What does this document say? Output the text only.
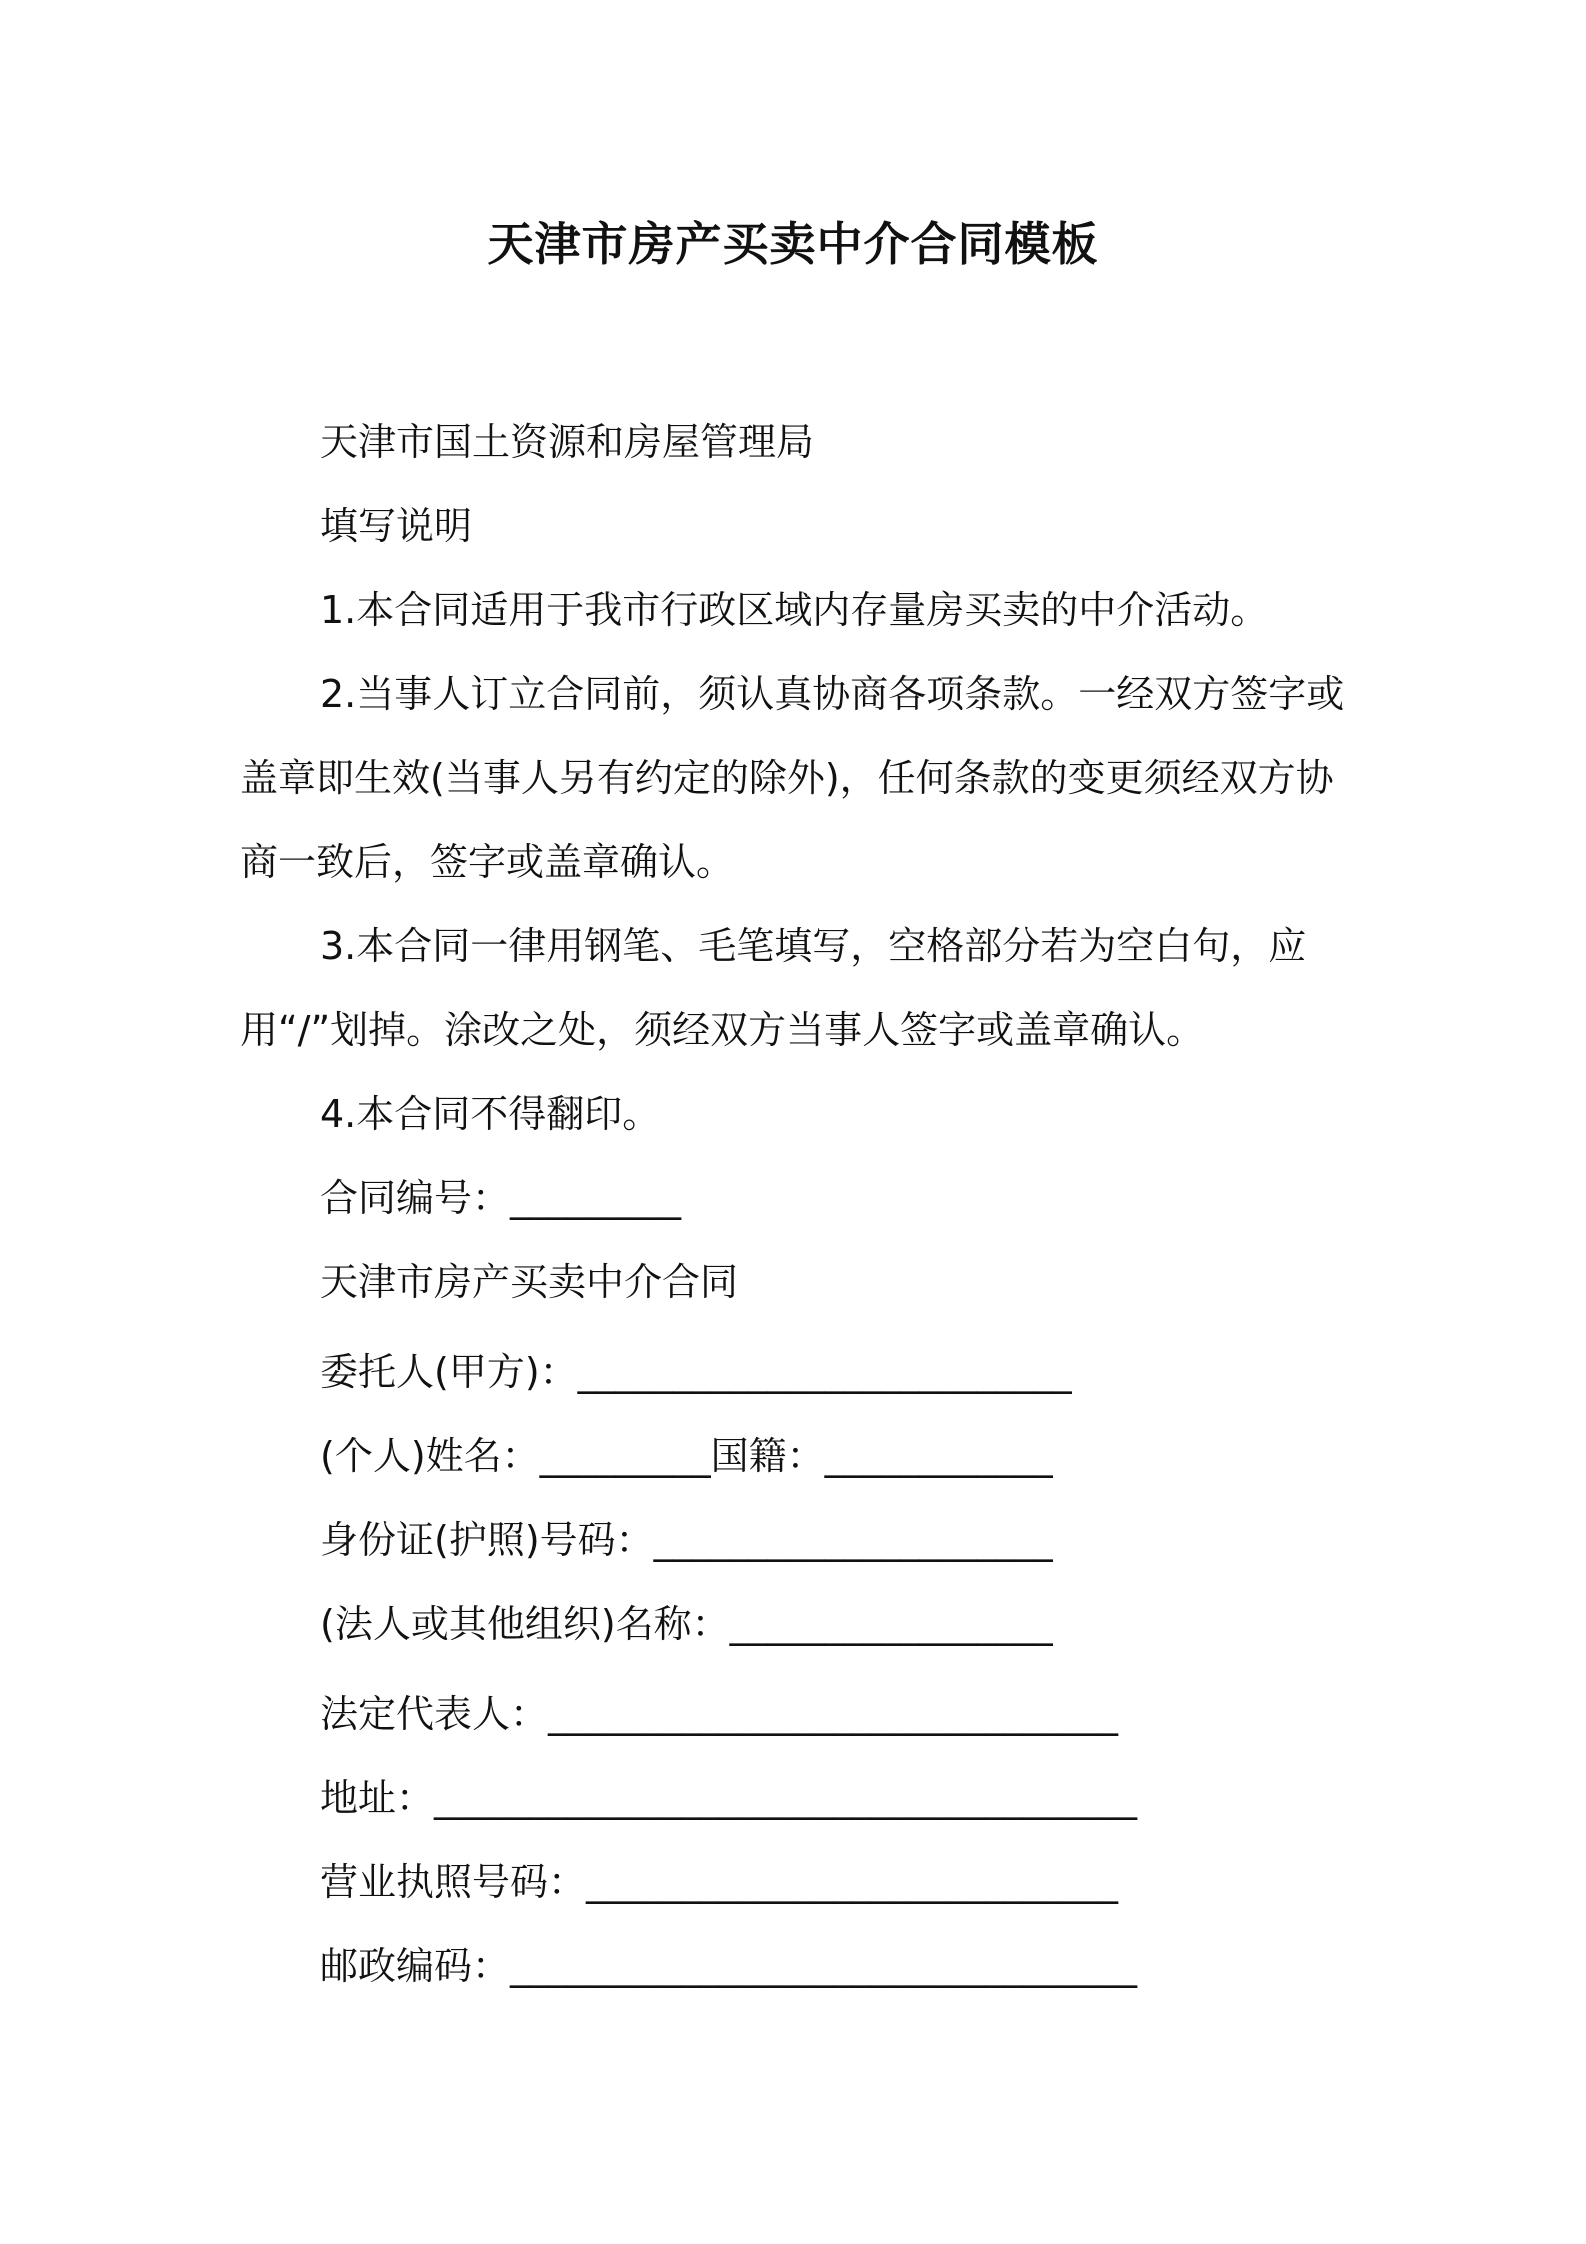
天津市房产买卖中介合同模板

天津市国土资源和房屋管理局

填写说明

1.本合同适用于我市行政区域内存量房买卖的中介活动。

2.当事人订立合同前，须认真协商各项条款。一经双方签字或盖章即生效(当事人另有约定的除外)，任何条款的变更须经双方协商一致后，签字或盖章确认。

3.本合同一律用钢笔、毛笔填写，空格部分若为空白句，应用“/”划掉。涂改之处，须经双方当事人签字或盖章确认。

4.本合同不得翻印。

合同编号：_________

天津市房产买卖中介合同

委托人(甲方)：__________________________

(个人)姓名：_________国籍：____________

身份证(护照)号码：_____________________

(法人或其他组织)名称：_________________

法定代表人：______________________________

地址：_____________________________________

营业执照号码：____________________________

邮政编码：_________________________________
